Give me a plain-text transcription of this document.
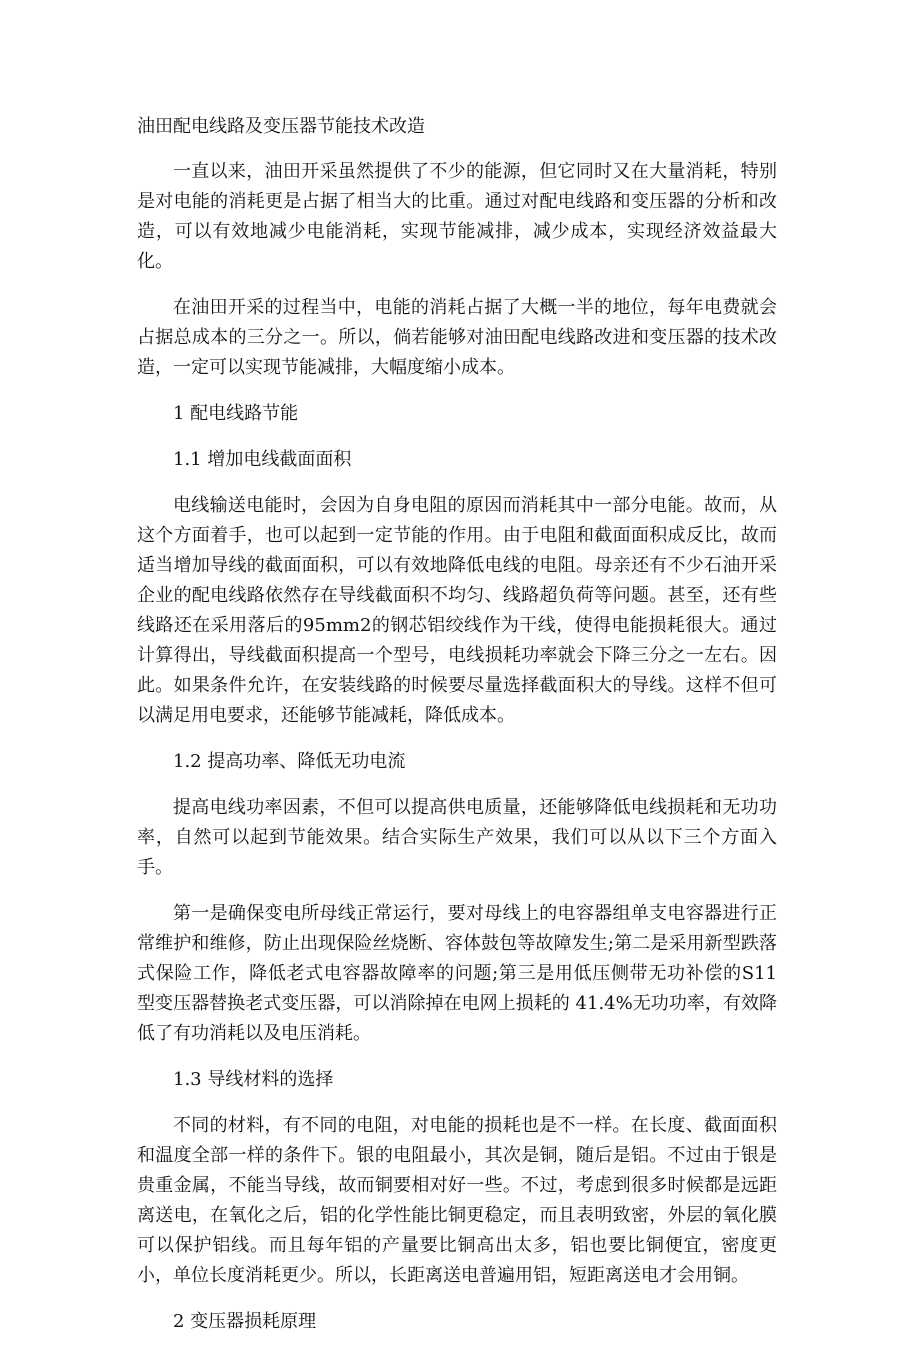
油田配电线路及变压器节能技术改造

一直以来，油田开采虽然提供了不少的能源，但它同时又在大量消耗，特别是对电能的消耗更是占据了相当大的比重。通过对配电线路和变压器的分析和改造，可以有效地减少电能消耗，实现节能减排，减少成本，实现经济效益最大化。

在油田开采的过程当中，电能的消耗占据了大概一半的地位，每年电费就会占据总成本的三分之一。所以，倘若能够对油田配电线路改进和变压器的技术改造，一定可以实现节能减排，大幅度缩小成本。

1 配电线路节能
1.1 增加电线截面面积

电线输送电能时，会因为自身电阻的原因而消耗其中一部分电能。故而，从这个方面着手，也可以起到一定节能的作用。由于电阻和截面面积成反比，故而适当增加导线的截面面积，可以有效地降低电线的电阻。母亲还有不少石油开采企业的配电线路依然存在导线截面积不均匀、线路超负荷等问题。甚至，还有些线路还在采用落后的95mm2的钢芯铝绞线作为干线，使得电能损耗很大。通过计算得出，导线截面积提高一个型号，电线损耗功率就会下降三分之一左右。因此。如果条件允许，在安装线路的时候要尽量选择截面积大的导线。这样不但可以满足用电要求，还能够节能减耗，降低成本。

1.2 提高功率、降低无功电流

提高电线功率因素，不但可以提高供电质量，还能够降低电线损耗和无功功率，自然可以起到节能效果。结合实际生产效果，我们可以从以下三个方面入手。

第一是确保变电所母线正常运行，要对母线上的电容器组单支电容器进行正常维护和维修，防止出现保险丝烧断、容体鼓包等故障发生;第二是采用新型跌落式保险工作，降低老式电容器故障率的问题;第三是用低压侧带无功补偿的S11 型变压器替换老式变压器，可以消除掉在电网上损耗的 41.4%无功功率，有效降低了有功消耗以及电压消耗。

1.3 导线材料的选择

不同的材料，有不同的电阻，对电能的损耗也是不一样。在长度、截面面积和温度全部一样的条件下。银的电阻最小，其次是铜，随后是铝。不过由于银是贵重金属，不能当导线，故而铜要相对好一些。不过，考虑到很多时候都是远距离送电，在氧化之后，铝的化学性能比铜更稳定，而且表明致密，外层的氧化膜可以保护铝线。而且每年铝的产量要比铜高出太多，铝也要比铜便宜，密度更小，单位长度消耗更少。所以，长距离送电普遍用铝，短距离送电才会用铜。

2 变压器损耗原理
